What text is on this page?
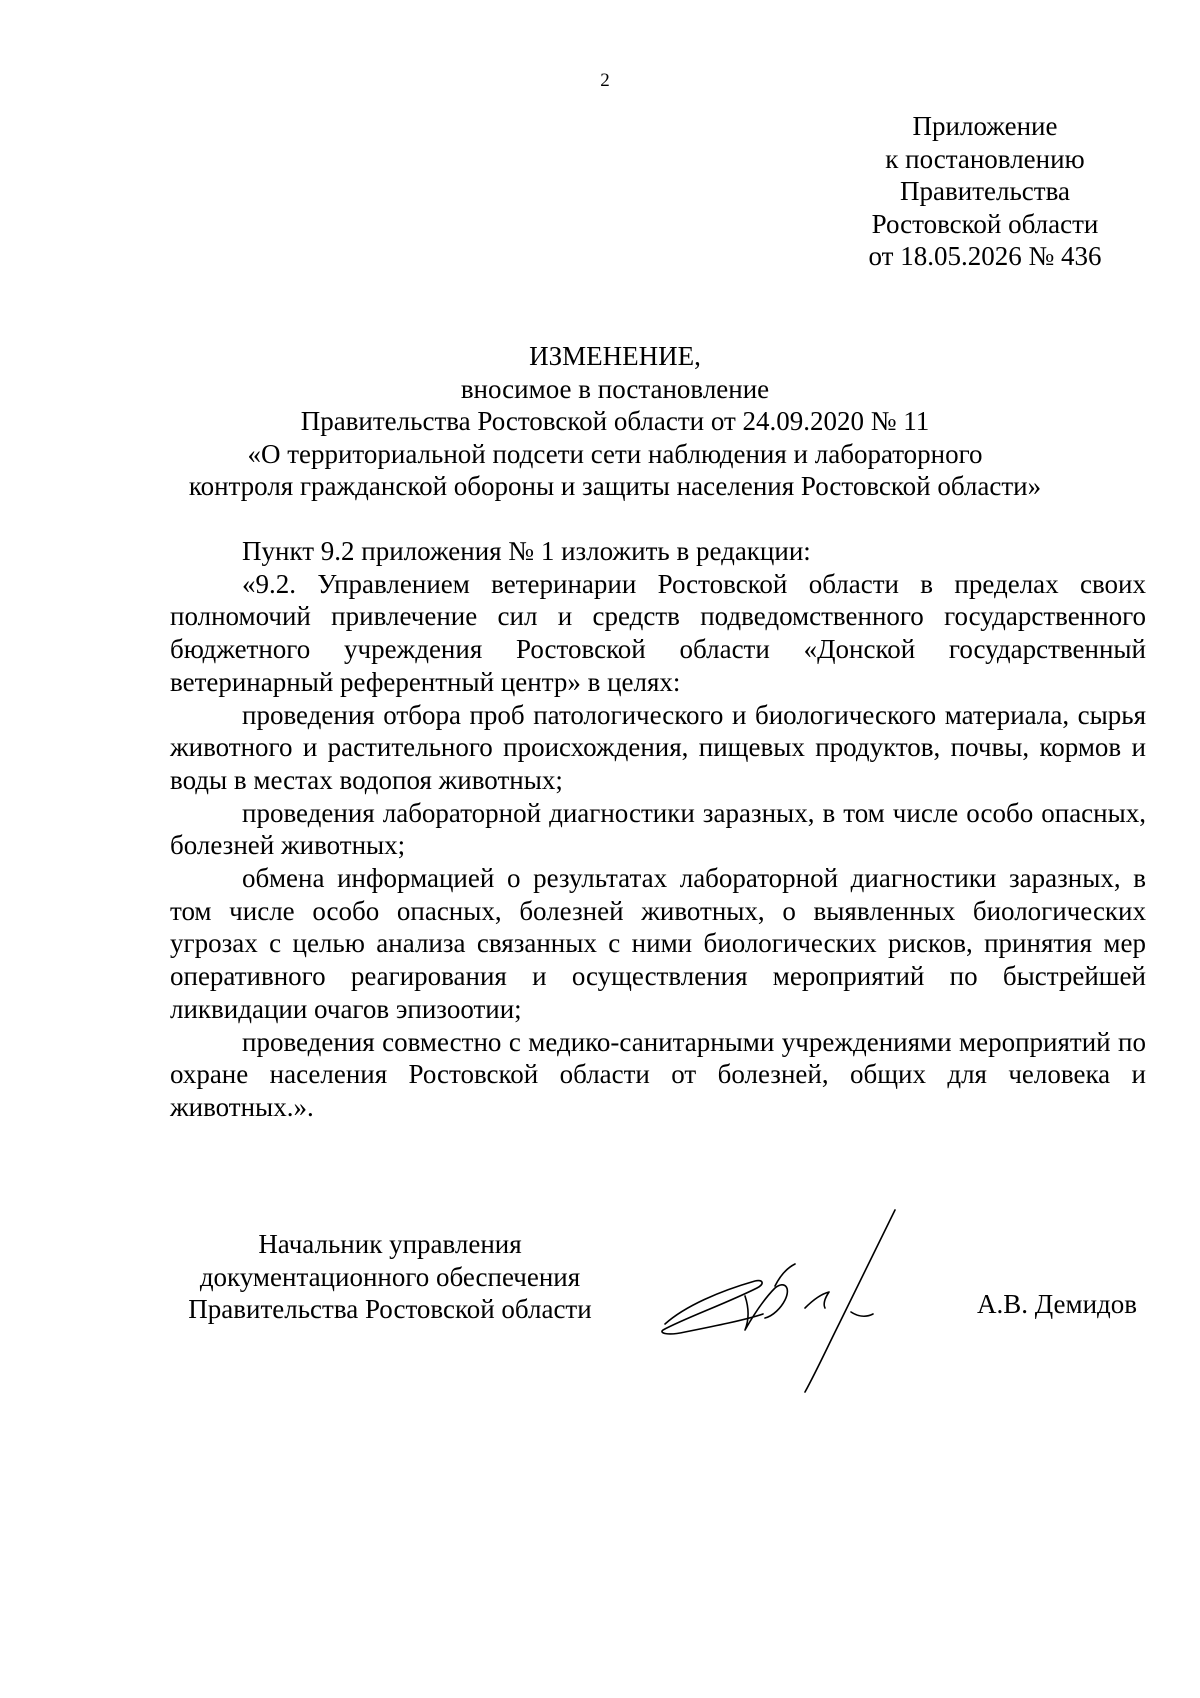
2
Приложение
к постановлению
Правительства
Ростовской области
от 18.05.2026 № 436
ИЗМЕНЕНИЕ,
вносимое в постановление
Правительства Ростовской области от 24.09.2020 № 11
«О территориальной подсети сети наблюдения и лабораторного
контроля гражданской обороны и защиты населения Ростовской области»

Пункт 9.2 приложения № 1 изложить в редакции:

«9.2. Управлением ветеринарии Ростовской области в пределах своих полномочий привлечение сил и средств подведомственного государственного бюджетного учреждения Ростовской области «Донской государственный ветеринарный референтный центр» в целях:

проведения отбора проб патологического и биологического материала, сырья животного и растительного происхождения, пищевых продуктов, почвы, кормов и воды в местах водопоя животных;

проведения лабораторной диагностики заразных, в том числе особо опасных, болезней животных;

обмена информацией о результатах лабораторной диагностики заразных, в том числе особо опасных, болезней животных, о выявленных биологических угрозах с целью анализа связанных с ними биологических рисков, принятия мер оперативного реагирования и осуществления мероприятий по быстрейшей ликвидации очагов эпизоотии;

проведения совместно с медико-санитарными учреждениями мероприятий по охране населения Ростовской области от болезней, общих для человека и животных.».

Начальник управления
документационного обеспечения
Правительства Ростовской области	А.В. Демидов
